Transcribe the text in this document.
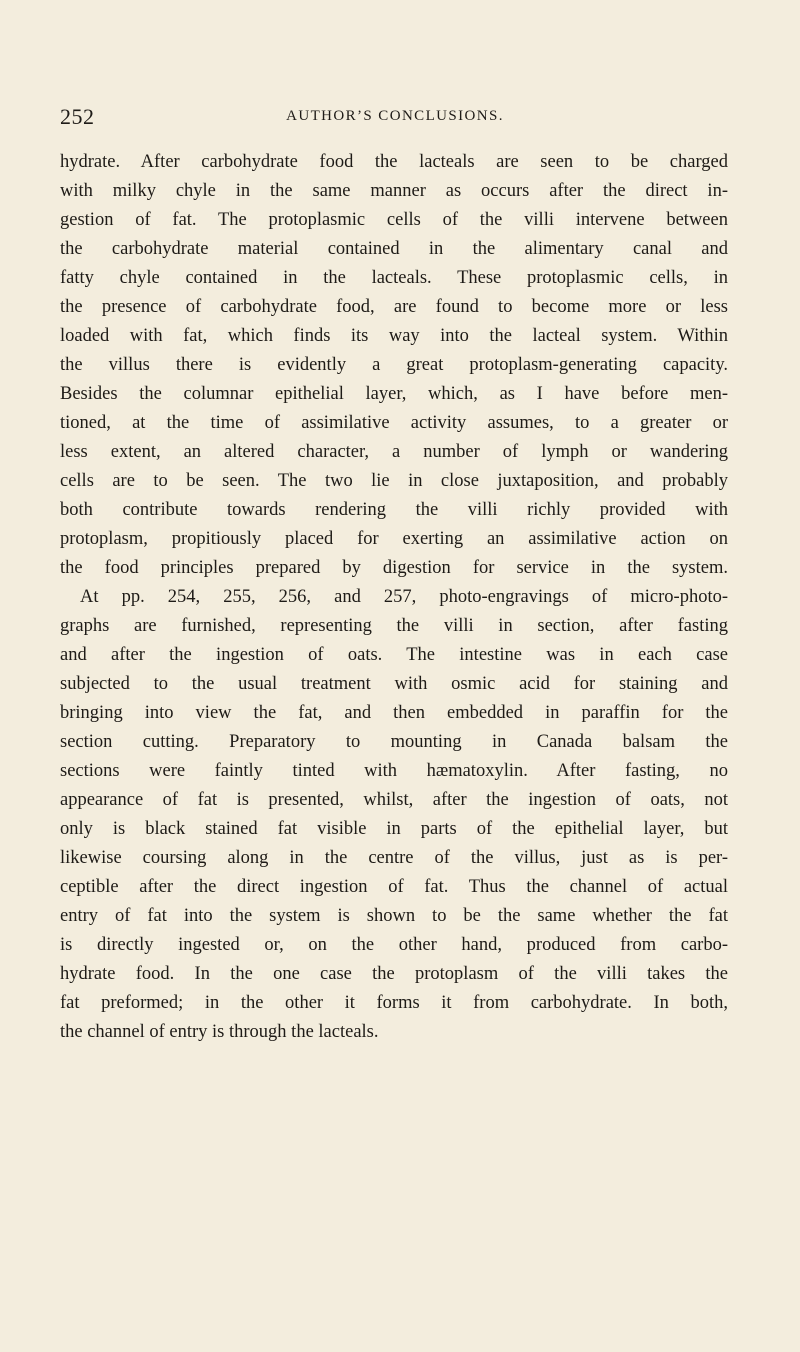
252	AUTHOR’S CONCLUSIONS.
hydrate. After carbohydrate food the lacteals are seen to be charged
with milky chyle in the same manner as occurs after the direct in-
gestion of fat. The protoplasmic cells of the villi intervene between
the carbohydrate material contained in the alimentary canal and
fatty chyle contained in the lacteals. These protoplasmic cells, in
the presence of carbohydrate food, are found to become more or less
loaded with fat, which finds its way into the lacteal system. Within
the villus there is evidently a great protoplasm-generating capacity.
Besides the columnar epithelial layer, which, as I have before men-
tioned, at the time of assimilative activity assumes, to a greater or
less extent, an altered character, a number of lymph or wandering
cells are to be seen. The two lie in close juxtaposition, and probably
both contribute towards rendering the villi richly provided with
protoplasm, propitiously placed for exerting an assimilative action on
the food principles prepared by digestion for service in the system.
At pp. 254, 255, 256, and 257, photo-engravings of micro-photo-
graphs are furnished, representing the villi in section, after fasting
and after the ingestion of oats. The intestine was in each case
subjected to the usual treatment with osmic acid for staining and
bringing into view the fat, and then embedded in paraffin for the
section cutting. Preparatory to mounting in Canada balsam the
sections were faintly tinted with hæmatoxylin. After fasting, no
appearance of fat is presented, whilst, after the ingestion of oats, not
only is black stained fat visible in parts of the epithelial layer, but
likewise coursing along in the centre of the villus, just as is per-
ceptible after the direct ingestion of fat. Thus the channel of actual
entry of fat into the system is shown to be the same whether the fat
is directly ingested or, on the other hand, produced from carbo-
hydrate food. In the one case the protoplasm of the villi takes the
fat preformed; in the other it forms it from carbohydrate. In both,
the channel of entry is through the lacteals.
